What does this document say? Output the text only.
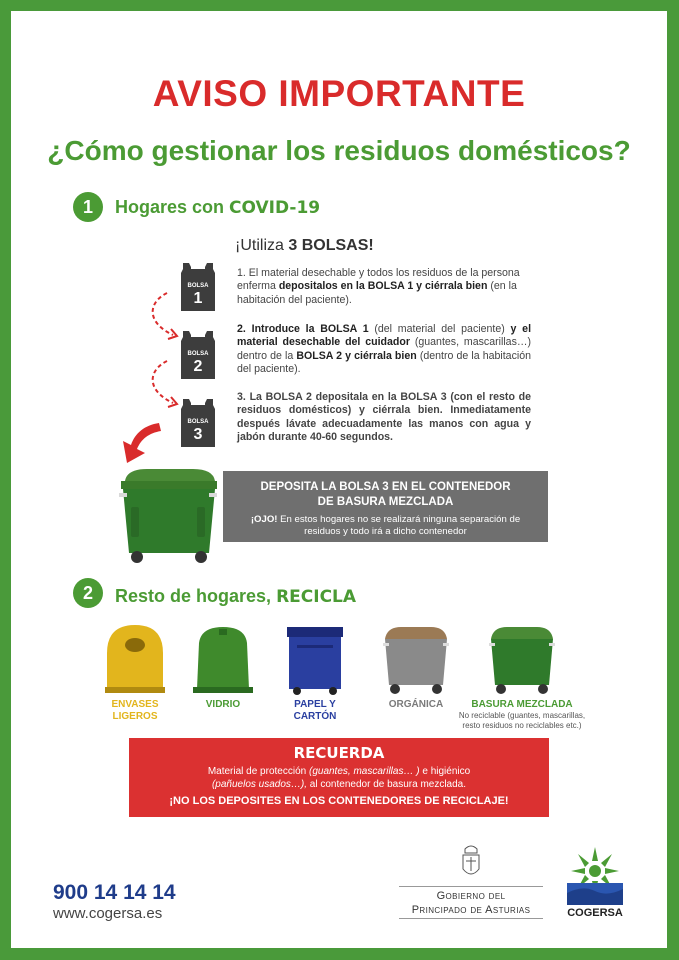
AVISO IMPORTANTE
¿Cómo gestionar los residuos domésticos?
1	Hogares con COVID-19
¡Utiliza 3 BOLSAS!
BOLSA
1
BOLSA
2
BOLSA
3
1. El material desechable y todos los residuos de la persona enferma depositalos en la BOLSA 1 y ciérrala bien (en la habitación del paciente).
2. Introduce la BOLSA 1 (del material del paciente) y el material desechable del cuidador (guantes, mascarillas…) dentro de la BOLSA 2 y ciérrala bien (dentro de la habitación del paciente).
3. La BOLSA 2 depositala en la BOLSA 3 (con el resto de residuos domésticos) y ciérrala bien. Inmediatamente después lávate adecuadamente las manos con agua y jabón durante 40-60 segundos.
DEPOSITA LA BOLSA 3 EN EL CONTENEDOR
DE BASURA MEZCLADA
¡OJO! En estos hogares no se realizará ninguna separación de residuos y todo irá a dicho contenedor
2	Resto de hogares, RECICLA
ENVASES LIGEROS
VIDRIO	PAPEL Y CARTÓN
ORGÁNICA	BASURA MEZCLADA
No reciclable (guantes, mascarillas, resto residuos no reciclables etc.)
RECUERDA
Material de protección (guantes, mascarillas… ) e higiénico
(pañuelos usados…), al contenedor de basura mezclada.
¡NO LOS DEPOSITES EN LOS CONTENEDORES DE RECICLAJE!
900 14 14 14
www.cogersa.es
Gobierno del
Principado de Asturias	COGERSA
